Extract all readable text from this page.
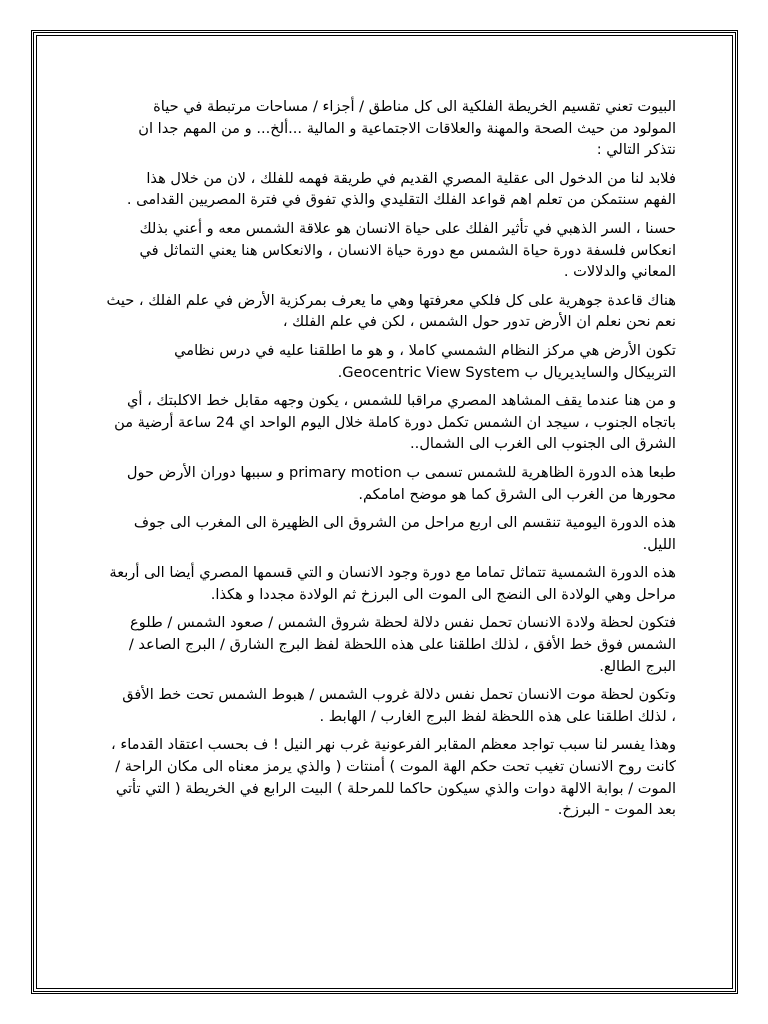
البيوت تعني تقسيم الخريطة الفلكية الى كل مناطق / أجزاء / مساحات مرتبطة في حياة المولود من حيث الصحة والمهنة والعلاقات الاجتماعية و المالية ...ألخ... و من المهم جدا ان نتذكر التالي :

فلابد لنا من الدخول الى عقلية المصري القديم في طريقة فهمه للفلك ، لان من خلال هذا الفهم سنتمكن من تعلم اهم قواعد الفلك التقليدي والذي تفوق في فترة المصريين القدامى .

حسنا ، السر الذهبي في تأثير الفلك على حياة الانسان هو علاقة الشمس معه و أعني بذلك انعكاس فلسفة دورة حياة الشمس مع دورة حياة الانسان ، والانعكاس هنا يعني التماثل في المعاني والدلالات .

هناك قاعدة جوهرية على كل فلكي معرفتها وهي ما يعرف بمركزية الأرض في علم الفلك ، حيث نعم نحن نعلم ان الأرض تدور حول الشمس ، لكن في علم الفلك ،

تكون الأرض هي مركز النظام الشمسي كاملا ، و هو ما اطلقنا عليه في درس نظامي التربيكال والسايديريال ب Geocentric View System.

و من هنا عندما يقف المشاهد المصري مراقبا للشمس ، يكون وجهه مقابل خط الاكلبتك ، أي باتجاه الجنوب ، سيجد ان الشمس تكمل دورة كاملة خلال اليوم الواحد اي 24 ساعة أرضية من الشرق الى الجنوب الى الغرب الى الشمال..

طبعا هذه الدورة الظاهرية للشمس تسمى ب primary motion و سببها دوران الأرض حول محورها من الغرب الى الشرق كما هو موضح امامكم.

هذه الدورة اليومية تنقسم الى اربع مراحل من الشروق الى الظهيرة الى المغرب الى جوف الليل.

هذه الدورة الشمسية تتماثل تماما مع دورة وجود الانسان و التي قسمها المصري أيضا الى أربعة مراحل وهي الولادة الى النضج الى الموت الى البرزخ ثم الولادة مجددا و هكذا.

فتكون لحظة ولادة الانسان تحمل نفس دلالة لحظة شروق الشمس / صعود الشمس / طلوع الشمس فوق خط الأفق ، لذلك اطلقنا على هذه اللحظة لفظ البرج الشارق / البرج الصاعد / البرج الطالع.

وتكون لحظة موت الانسان تحمل نفس دلالة غروب الشمس / هبوط الشمس تحت خط الأفق ، لذلك اطلقنا على هذه اللحظة لفظ البرج الغارب / الهابط .

وهذا يفسر لنا سبب تواجد معظم المقابر الفرعونية غرب نهر النيل ! ف بحسب اعتقاد القدماء ، كانت روح الانسان تغيب تحت حكم الهة الموت ) أمنتات ( والذي يرمز معناه الى مكان الراحة / الموت / بوابة الالهة دوات والذي سيكون حاكما للمرحلة ) البيت الرابع في الخريطة ( التي تأتي بعد الموت - البرزخ.
